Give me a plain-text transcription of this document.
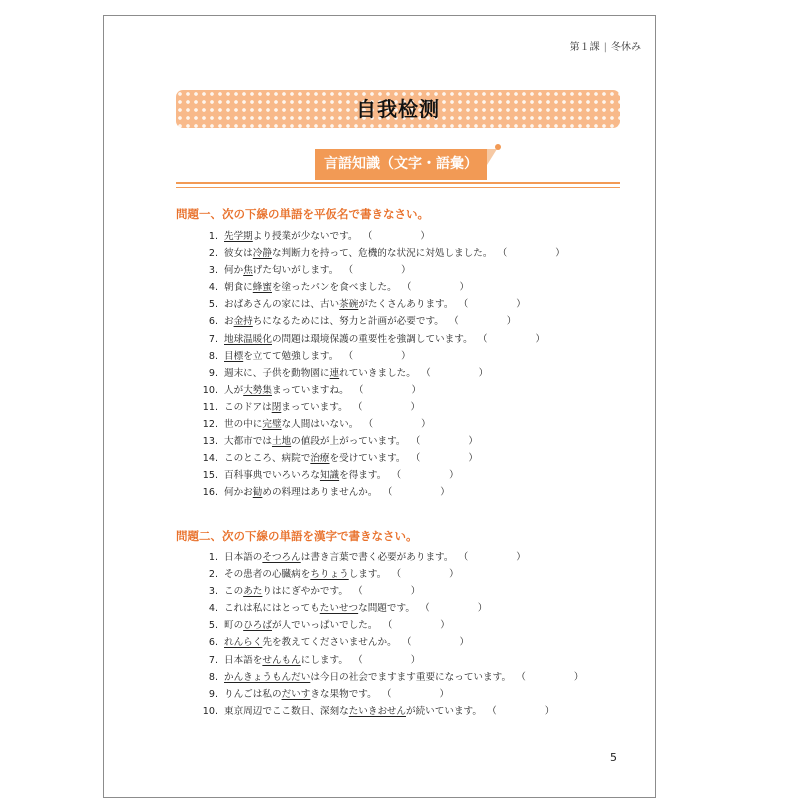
第１課 | 冬休み
自我检测
言語知識（文字・語彙）
問題一、次の下線の単語を平仮名で書きなさい。
1. 先学期より授業が少ないです。 （	）
2. 彼女は冷静な判断力を持って、危機的な状況に対処しました。 （	）
3. 何か焦げた匂いがします。 （	）
4. 朝食に蜂蜜を塗ったパンを食べました。 （	）
5. おばあさんの家には、古い茶碗がたくさんあります。 （	）
6. お金持ちになるためには、努力と計画が必要です。 （	）
7. 地球温暖化の問題は環境保護の重要性を強調しています。 （	）
8. 目標を立てて勉強します。 （	）
9. 週末に、子供を動物園に連れていきました。 （	）
10. 人が大勢集まっていますね。 （	）
11. このドアは閉まっています。 （	）
12. 世の中に完璧な人間はいない。 （	）
13. 大都市では土地の値段が上がっています。 （	）
14. このところ、病院で治療を受けています。 （	）
15. 百科事典でいろいろな知識を得ます。 （	）
16. 何かお勧めの料理はありませんか。 （	）
問題二、次の下線の単語を漢字で書きなさい。
1. 日本語のそつろんは書き言葉で書く必要があります。 （	）
2. その患者の心臓病をちりょうします。 （	）
3. このあたりはにぎやかです。 （	）
4. これは私にはとってもたいせつな問題です。 （	）
5. 町のひろばが人でいっぱいでした。 （	）
6. れんらく先を教えてくださいませんか。 （	）
7. 日本語をせんもんにします。 （	）
8. かんきょうもんだいは今日の社会でますます重要になっています。 （	）
9. りんごは私のだいすきな果物です。 （	）
10. 東京周辺でここ数日、深刻なたいきおせんが続いています。 （	）
5
